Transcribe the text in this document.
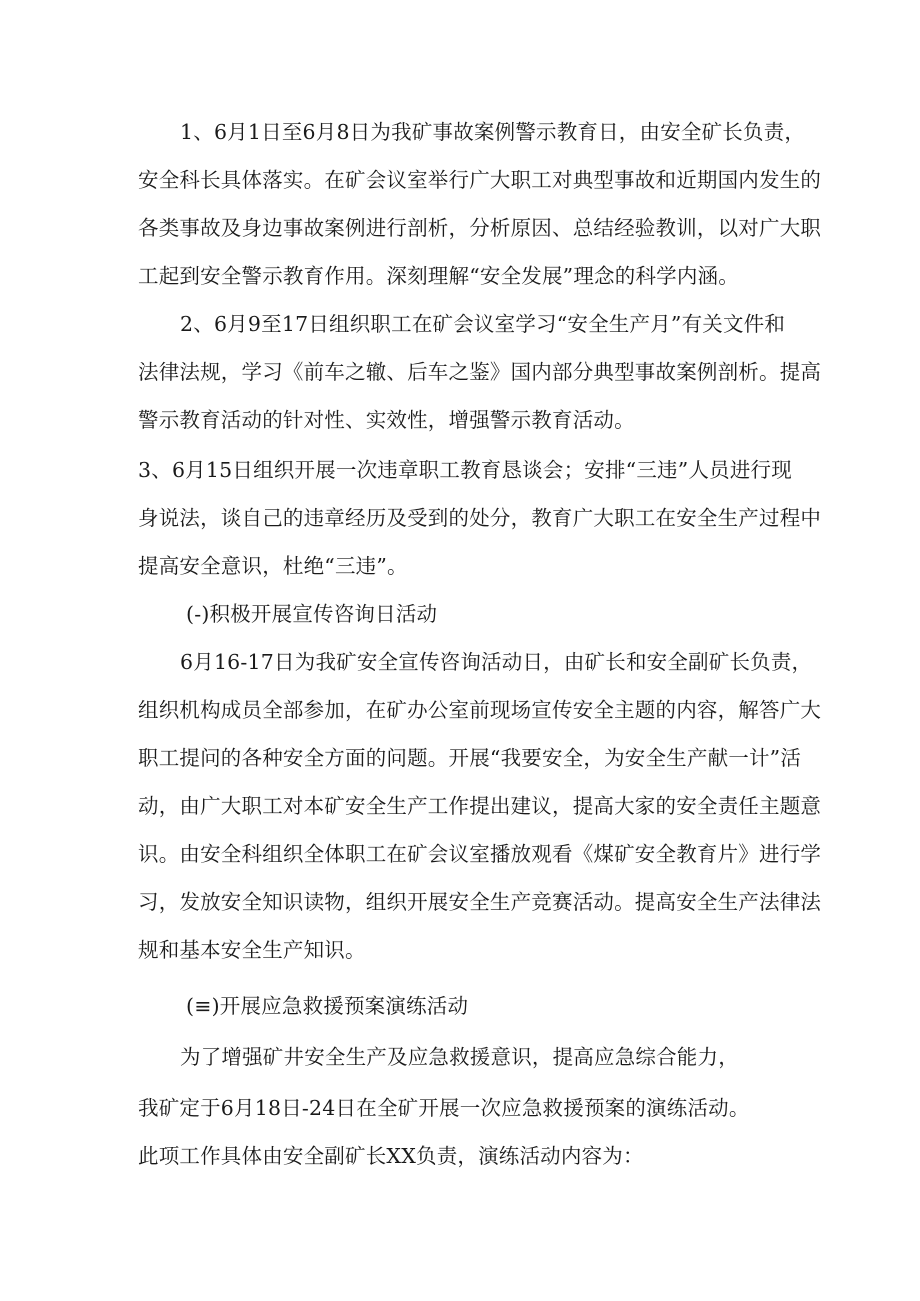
1、6月1日至6月8日为我矿事故案例警示教育日，由安全矿长负责，
安全科长具体落实。在矿会议室举行广大职工对典型事故和近期国内发生的
各类事故及身边事故案例进行剖析，分析原因、总结经验教训，以对广大职
工起到安全警示教育作用。深刻理解“安全发展”理念的科学内涵。
2、6月9至17日组织职工在矿会议室学习“安全生产月”有关文件和
法律法规，学习《前车之辙、后车之鉴》国内部分典型事故案例剖析。提高
警示教育活动的针对性、实效性，增强警示教育活动。
3、6月15日组织开展一次违章职工教育恳谈会；安排“三违”人员进行现
身说法，谈自己的违章经历及受到的处分，教育广大职工在安全生产过程中
提高安全意识，杜绝“三违”。
(-)积极开展宣传咨询日活动
6月16-17日为我矿安全宣传咨询活动日，由矿长和安全副矿长负责，
组织机构成员全部参加，在矿办公室前现场宣传安全主题的内容，解答广大
职工提问的各种安全方面的问题。开展“我要安全，为安全生产献一计”活
动，由广大职工对本矿安全生产工作提出建议，提高大家的安全责任主题意
识。由安全科组织全体职工在矿会议室播放观看《煤矿安全教育片》进行学
习，发放安全知识读物，组织开展安全生产竞赛活动。提高安全生产法律法
规和基本安全生产知识。
(≡)开展应急救援预案演练活动
为了增强矿井安全生产及应急救援意识，提高应急综合能力，
我矿定于6月18日-24日在全矿开展一次应急救援预案的演练活动。
此项工作具体由安全副矿长XX负责，演练活动内容为：
